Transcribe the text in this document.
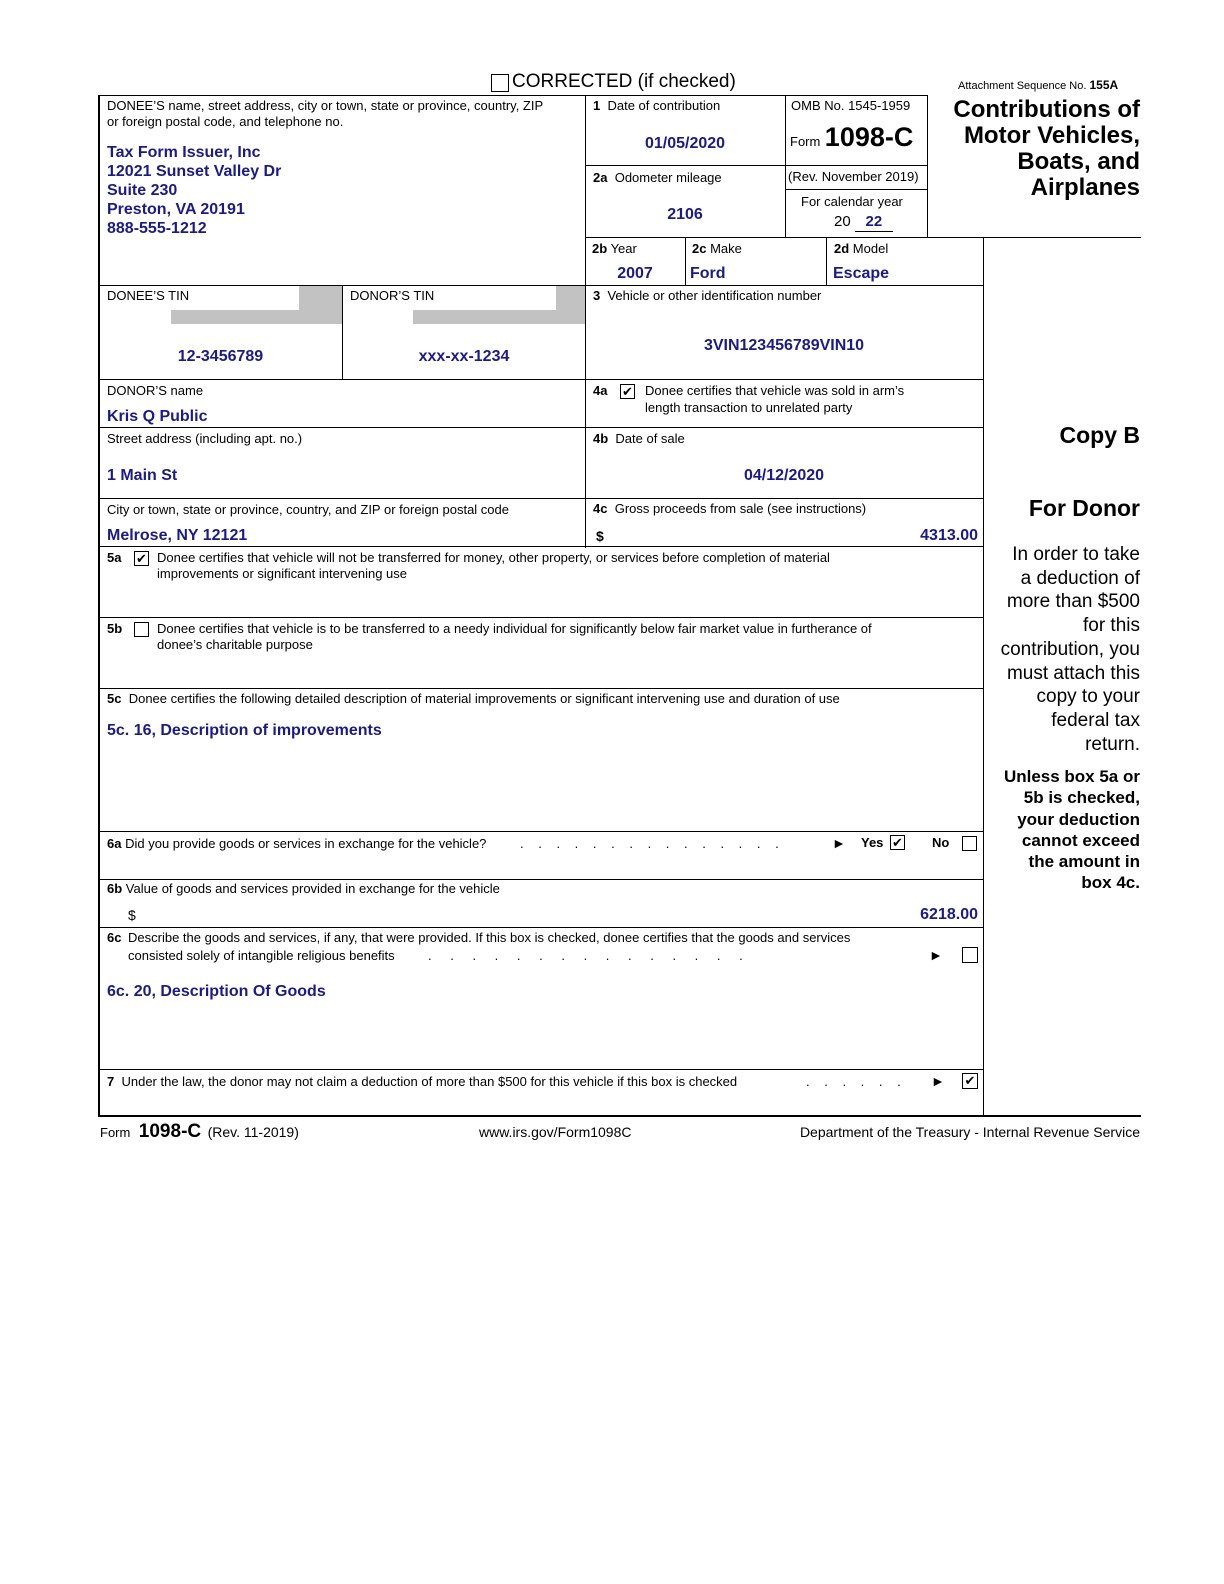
CORRECTED (if checked)	Attachment Sequence No. 155A
DONEE’S name, street address, city or town, state or province, country, ZIP
or foreign postal code, and telephone no.
Tax Form Issuer, Inc
12021 Sunset Valley Dr
Suite 230
Preston, VA 20191
888-555-1212
1 Date of contribution
01/05/2020
OMB No. 1545-1959
Form 1098-C
(Rev. November 2019)
For calendar year
20 22
Contributions of
Motor Vehicles,
Boats, and
Airplanes
2a Odometer mileage
2106
2b Year
2007
2c Make
Ford
2d Model
Escape
DONEE’S TIN
12-3456789
DONOR’S TIN
xxx-xx-1234
3 Vehicle or other identification number
3VIN123456789VIN10
DONOR’S name
Kris Q Public
4a ✔ Donee certifies that vehicle was sold in arm’s
length transaction to unrelated party
Street address (including apt. no.)
1 Main St
4b Date of sale
04/12/2020
City or town, state or province, country, and ZIP or foreign postal code
Melrose, NY 12121
4c Gross proceeds from sale (see instructions)
$	4313.00
5a ✔ Donee certifies that vehicle will not be transferred for money, other property, or services before completion of material
improvements or significant intervening use
5b	Donee certifies that vehicle is to be transferred to a needy individual for significantly below fair market value in furtherance of
donee’s charitable purpose
5c Donee certifies the following detailed description of material improvements or significant intervening use and duration of use
5c. 16, Description of improvements
6a Did you provide goods or services in exchange for the vehicle?	. . . . . . . . . . . . . . .	► Yes ✔ No
6b Value of goods and services provided in exchange for the vehicle
$	6218.00
6c Describe the goods and services, if any, that were provided. If this box is checked, donee certifies that the goods and services
consisted solely of intangible religious benefits	. . . . . . . . . . . . . . .	►
6c. 20, Description Of Goods
7 Under the law, the donor may not claim a deduction of more than $500 for this vehicle if this box is checked	. . . . . . ► ✔
Copy B
For Donor
In order to take
a deduction of
more than $500
for this
contribution, you
must attach this
copy to your
federal tax
return.
Unless box 5a or
5b is checked,
your deduction
cannot exceed
the amount in
box 4c.
Form 1098-C (Rev. 11-2019)	www.irs.gov/Form1098C	Department of the Treasury - Internal Revenue Service
